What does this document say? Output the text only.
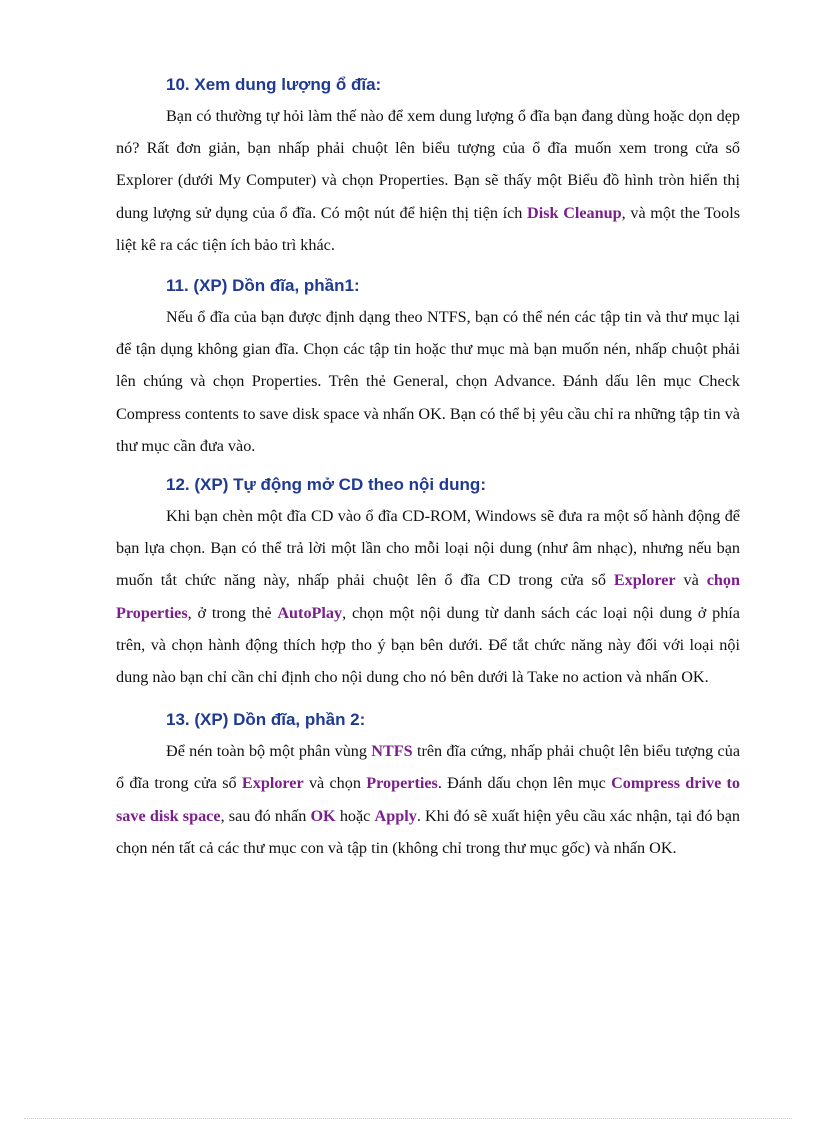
10. Xem dung lượng ổ đĩa:

Bạn có thường tự hỏi làm thế nào để xem dung lượng ổ đĩa bạn đang dùng hoặc dọn dẹp nó? Rất đơn giản, bạn nhấp phải chuột lên biểu tượng của ổ đĩa muốn xem trong cửa sổ Explorer (dưới My Computer) và chọn Properties. Bạn sẽ thấy một Biểu đồ hình tròn hiển thị dung lượng sử dụng của ổ đĩa. Có một nút để hiện thị tiện ích Disk Cleanup, và một the Tools liệt kê ra các tiện ích bảo trì khác.

11. (XP) Dồn đĩa, phần1:

Nếu ổ đĩa của bạn được định dạng theo NTFS, bạn có thể nén các tập tin và thư mục lại để tận dụng không gian đĩa. Chọn các tập tin hoặc thư mục mà bạn muốn nén, nhấp chuột phải lên chúng và chọn Properties. Trên thẻ General, chọn Advance. Đánh dấu lên mục Check Compress contents to save disk space và nhấn OK. Bạn có thể bị yêu cầu chỉ ra những tập tin và thư mục cần đưa vào.

12. (XP) Tự động mở CD theo nội dung:

Khi bạn chèn một đĩa CD vào ổ đĩa CD-ROM, Windows sẽ đưa ra một số hành động để bạn lựa chọn. Bạn có thể trả lời một lần cho mỗi loại nội dung (như âm nhạc), nhưng nếu bạn muốn tắt chức năng này, nhấp phải chuột lên ổ đĩa CD trong cửa sổ Explorer và chọn Properties, ở trong thẻ AutoPlay, chọn một nội dung từ danh sách các loại nội dung ở phía trên, và chọn hành động thích hợp tho ý bạn bên dưới. Để tắt chức năng này đối với loại nội dung nào bạn chỉ cần chỉ định cho nội dung cho nó bên dưới là Take no action và nhấn OK.

13. (XP) Dồn đĩa, phần 2:

Để nén toàn bộ một phân vùng NTFS trên đĩa cứng, nhấp phải chuột lên biểu tượng của ổ đĩa trong cửa sổ Explorer và chọn Properties. Đánh dấu chọn lên mục Compress drive to save disk space, sau đó nhấn OK hoặc Apply. Khi đó sẽ xuất hiện yêu cầu xác nhận, tại đó bạn chọn nén tất cả các thư mục con và tập tin (không chỉ trong thư mục gốc) và nhấn OK.
